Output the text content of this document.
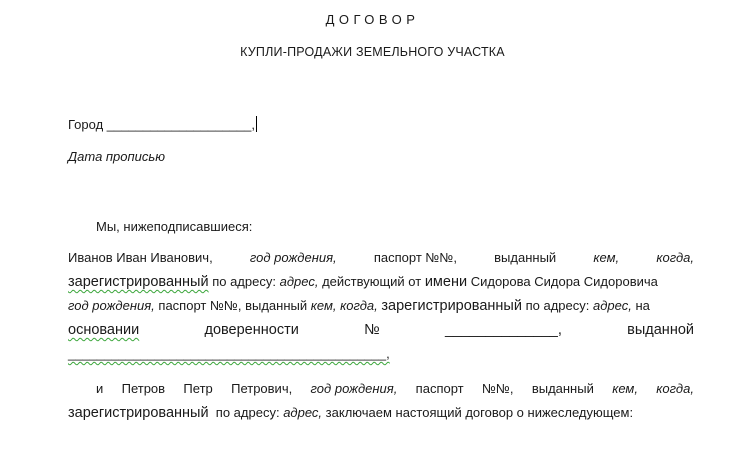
ДОГОВОР
КУПЛИ-ПРОДАЖИ ЗЕМЕЛЬНОГО УЧАСТКА
Город ____________________,
Дата прописью
Мы, нижеподписавшиеся:
Иванов Иван Иванович,	год рождения,	паспорт №№,	выданный	кем,	когда,
зарегистрированный по адресу: адрес, действующий от имени Сидорова Сидора Сидоровича
год рождения, паспорт №№, выданный кем, когда, зарегистрированный по адресу: адрес, на
основании	доверенности	№	______________,	выданной
____________________________________________,
и Петров Петр Петрович, год рождения, паспорт №№, выданный кем, когда,
зарегистрированный по адресу: адрес, заключаем настоящий договор о нижеследующем:
